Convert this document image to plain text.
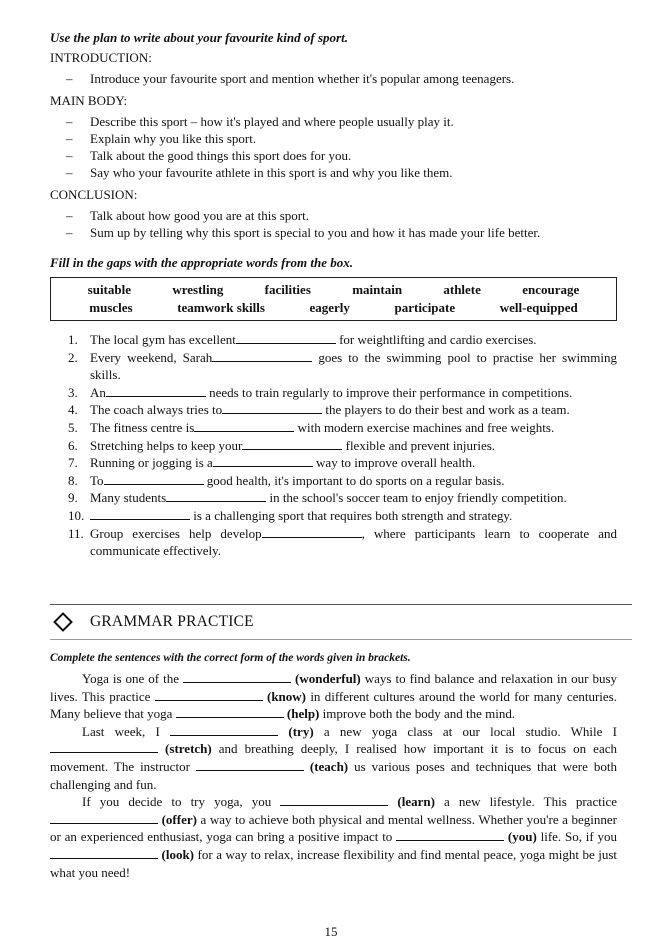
Use the plan to write about your favourite kind of sport.

INTRODUCTION:
– Introduce your favourite sport and mention whether it's popular among teenagers.
MAIN BODY:
– Describe this sport – how it's played and where people usually play it.
– Explain why you like this sport.
– Talk about the good things this sport does for you.
– Say who your favourite athlete in this sport is and why you like them.
CONCLUSION:
– Talk about how good you are at this sport.
– Sum up by telling why this sport is special to you and how it has made your life better.

Fill in the gaps with the appropriate words from the box.

suitable	wrestling	facilities	maintain	athlete	encourage
muscles	teamwork skills	eagerly	participate	well-equipped
1. The local gym has excellent	for weightlifting and cardio exercises.
2. Every weekend, Sarah	goes to the swimming pool to practise her swimming skills.
3. An	needs to train regularly to improve their performance in competitions.
4. The coach always tries to	the players to do their best and work as a team.
5. The fitness centre is	with modern exercise machines and free weights.
6. Stretching helps to keep your	flexible and prevent injuries.
7. Running or jogging is a	way to improve overall health.
8. To	good health, it's important to do sports on a regular basis.
9. Many students	in the school's soccer team to enjoy friendly competition.
10.	is a challenging sport that requires both strength and strategy.
11. Group exercises help develop	, where participants learn to cooperate and communicate effectively.
GRAMMAR PRACTICE

Complete the sentences with the correct form of the words given in brackets.

Yoga is one of the	(wonderful) ways to find balance and relaxation in our busy lives. This practice	(know) in different cultures around the world for many centuries. Many believe that yoga	(help) improve both the body and the mind.

Last week, I	(try) a new yoga class at our local studio. While I  (stretch) and breathing deeply, I realised how important it is to focus on each movement. The instructor	(teach) us various poses and techniques that were both challenging and fun.

If you decide to try yoga, you	(learn) a new lifestyle. This practice  (offer) a way to achieve both physical and mental wellness. Whether you're a beginner or an experienced enthusiast, yoga can bring a positive impact to	(you) life. So, if you  (look) for a way to relax, increase flexibility and find mental peace, yoga might be just what you need!

15
